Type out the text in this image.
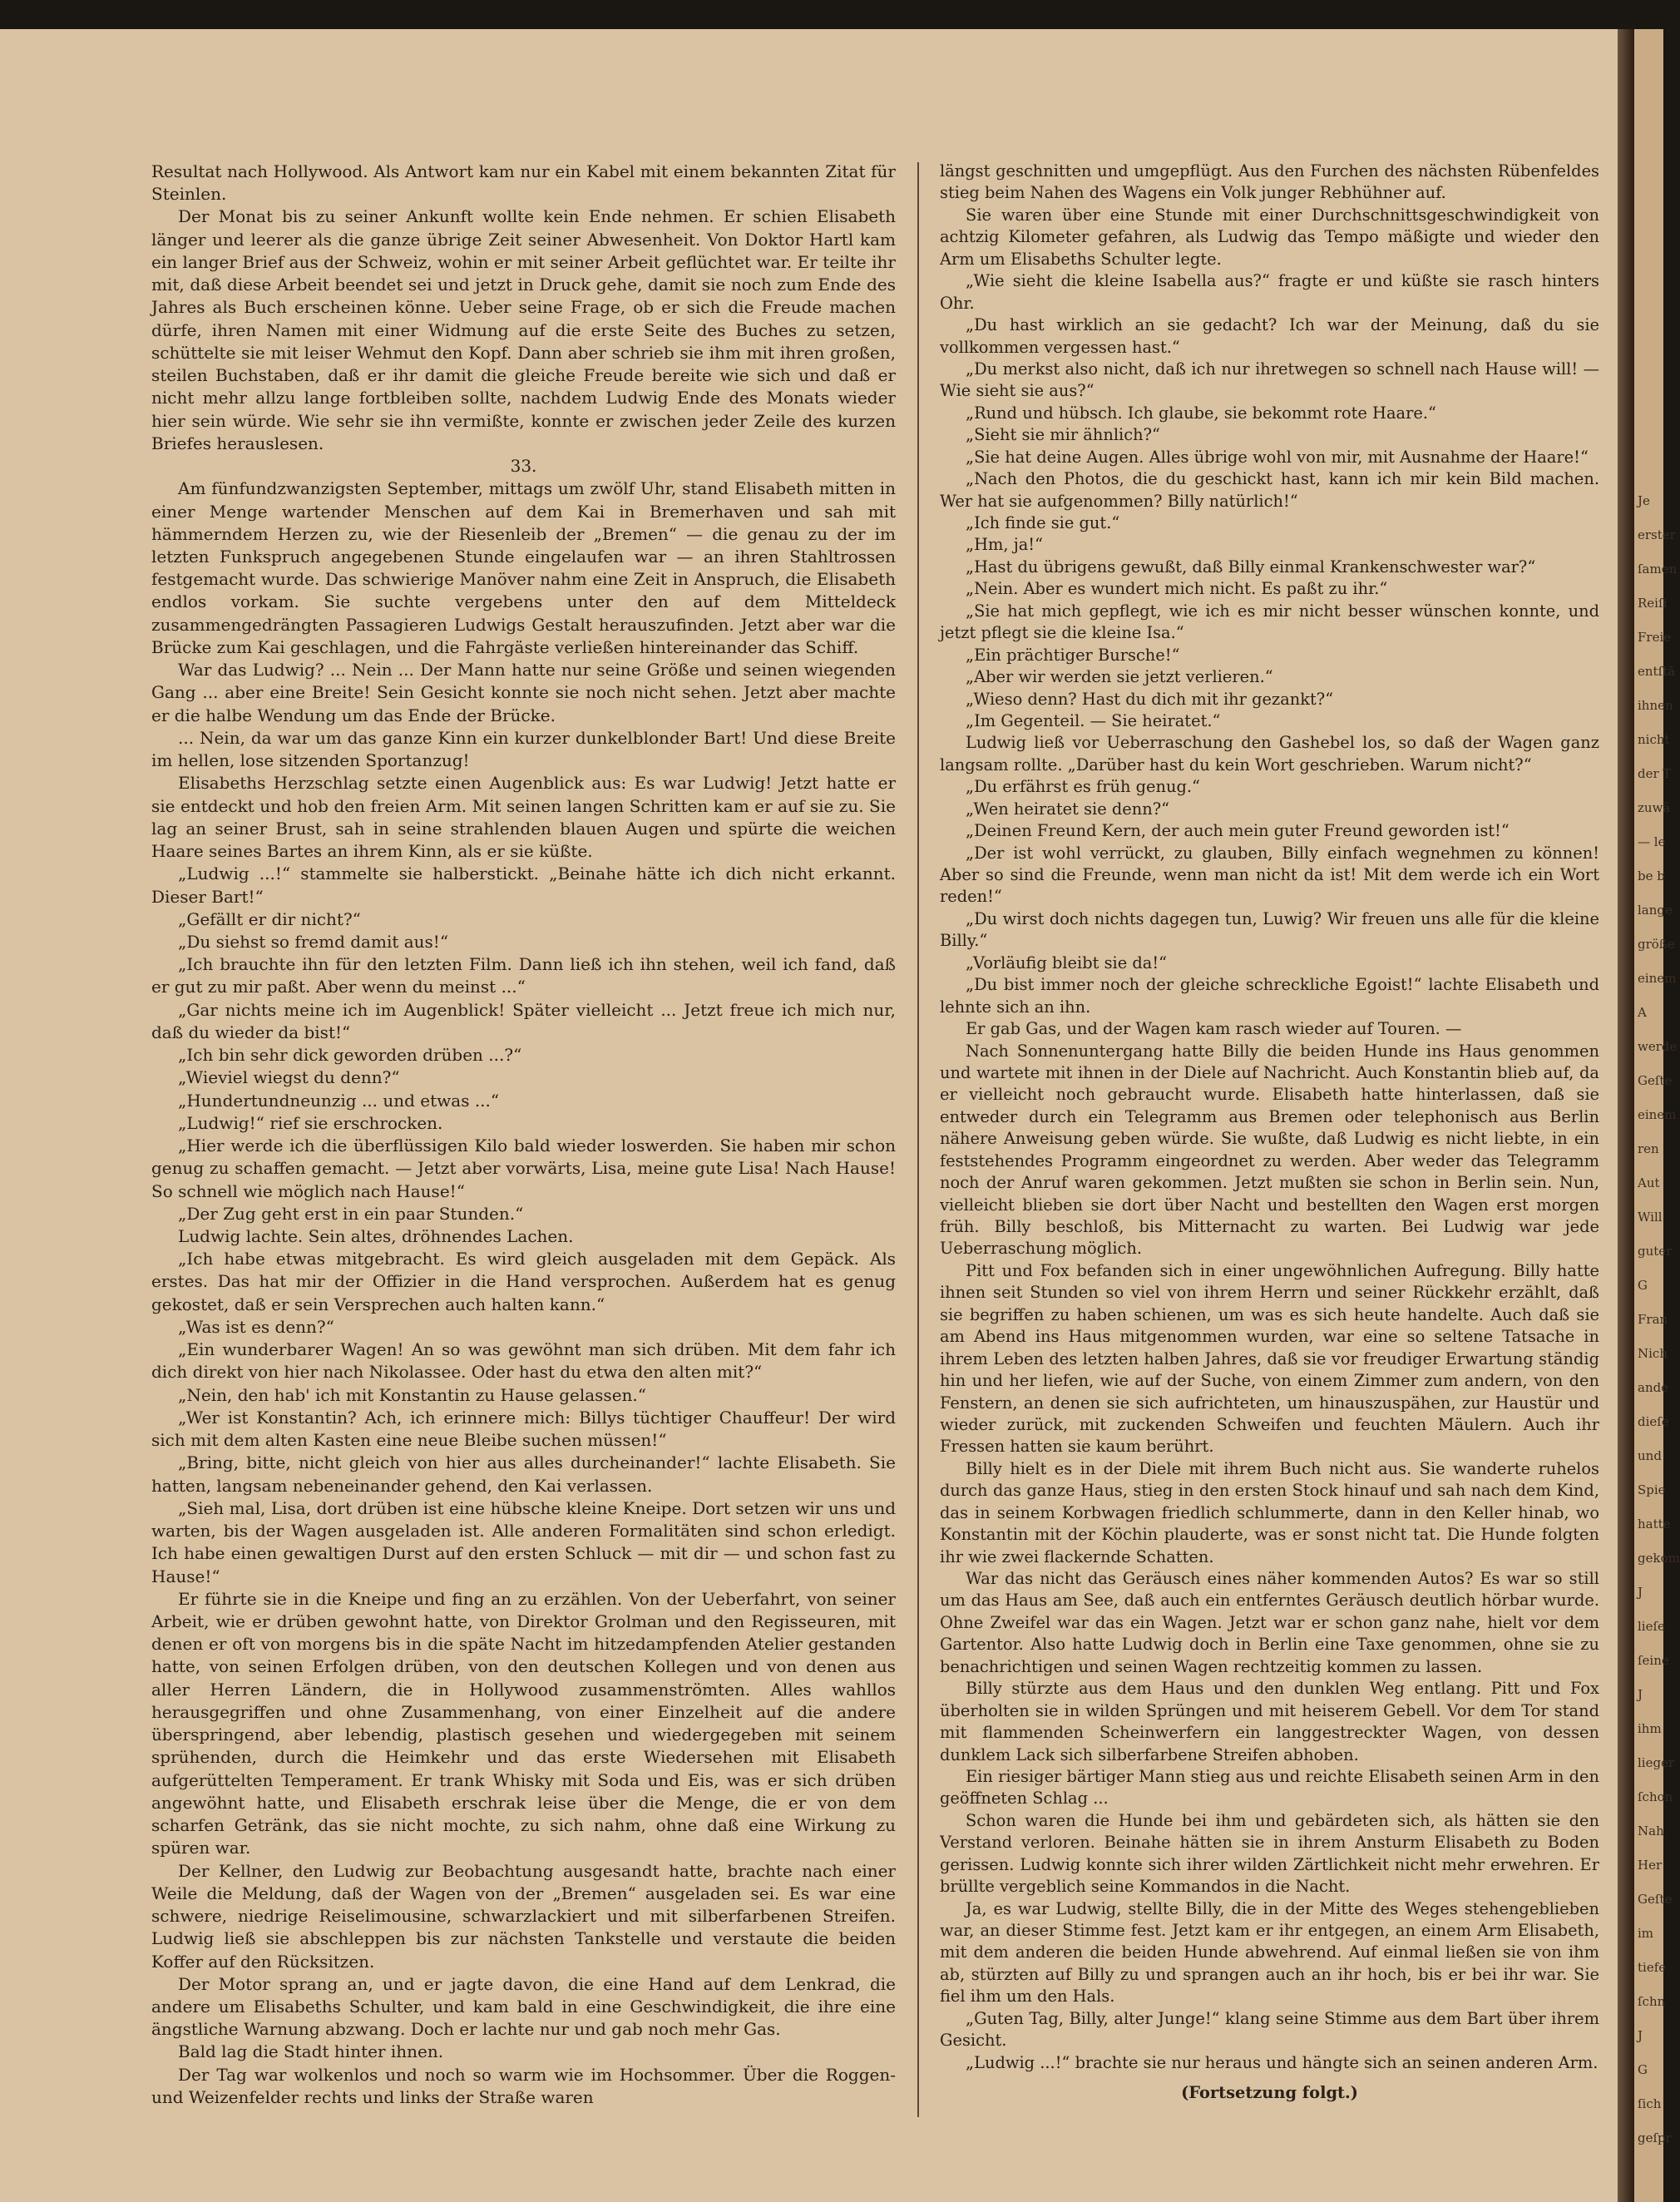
Resultat nach Hollywood. Als Antwort kam nur ein Kabel mit einem bekannten Zitat für Steinlen.

Der Monat bis zu seiner Ankunft wollte kein Ende nehmen. Er schien Elisabeth länger und leerer als die ganze übrige Zeit seiner Abwesenheit. Von Doktor Hartl kam ein langer Brief aus der Schweiz, wohin er mit seiner Arbeit geflüchtet war. Er teilte ihr mit, daß diese Arbeit beendet sei und jetzt in Druck gehe, damit sie noch zum Ende des Jahres als Buch erscheinen könne. Ueber seine Frage, ob er sich die Freude machen dürfe, ihren Namen mit einer Widmung auf die erste Seite des Buches zu setzen, schüttelte sie mit leiser Wehmut den Kopf. Dann aber schrieb sie ihm mit ihren großen, steilen Buchstaben, daß er ihr damit die gleiche Freude bereite wie sich und daß er nicht mehr allzu lange fortbleiben sollte, nachdem Ludwig Ende des Monats wieder hier sein würde. Wie sehr sie ihn vermißte, konnte er zwischen jeder Zeile des kurzen Briefes herauslesen.

33.

Am fünfundzwanzigsten September, mittags um zwölf Uhr, stand Elisabeth mitten in einer Menge wartender Menschen auf dem Kai in Bremerhaven und sah mit hämmerndem Herzen zu, wie der Riesenleib der „Bremen“ — die genau zu der im letzten Funkspruch angegebenen Stunde eingelaufen war — an ihren Stahltrossen festgemacht wurde. Das schwierige Manöver nahm eine Zeit in Anspruch, die Elisabeth endlos vorkam. Sie suchte vergebens unter den auf dem Mitteldeck zusammengedrängten Passagieren Ludwigs Gestalt herauszufinden. Jetzt aber war die Brücke zum Kai geschlagen, und die Fahrgäste verließen hintereinander das Schiff.

War das Ludwig? ... Nein ... Der Mann hatte nur seine Größe und seinen wiegenden Gang ... aber eine Breite! Sein Gesicht konnte sie noch nicht sehen. Jetzt aber machte er die halbe Wendung um das Ende der Brücke.

... Nein, da war um das ganze Kinn ein kurzer dunkelblonder Bart! Und diese Breite im hellen, lose sitzenden Sportanzug!

Elisabeths Herzschlag setzte einen Augenblick aus: Es war Ludwig! Jetzt hatte er sie entdeckt und hob den freien Arm. Mit seinen langen Schritten kam er auf sie zu. Sie lag an seiner Brust, sah in seine strahlenden blauen Augen und spürte die weichen Haare seines Bartes an ihrem Kinn, als er sie küßte.

„Ludwig ...!“ stammelte sie halberstickt. „Beinahe hätte ich dich nicht erkannt. Dieser Bart!“

„Gefällt er dir nicht?“

„Du siehst so fremd damit aus!“

„Ich brauchte ihn für den letzten Film. Dann ließ ich ihn stehen, weil ich fand, daß er gut zu mir paßt. Aber wenn du meinst ...“

„Gar nichts meine ich im Augenblick! Später vielleicht ... Jetzt freue ich mich nur, daß du wieder da bist!“

„Ich bin sehr dick geworden drüben ...?“

„Wieviel wiegst du denn?“

„Hundertundneunzig ... und etwas ...“

„Ludwig!“ rief sie erschrocken.

„Hier werde ich die überflüssigen Kilo bald wieder loswerden. Sie haben mir schon genug zu schaffen gemacht. — Jetzt aber vorwärts, Lisa, meine gute Lisa! Nach Hause! So schnell wie möglich nach Hause!“

„Der Zug geht erst in ein paar Stunden.“

Ludwig lachte. Sein altes, dröhnendes Lachen.

„Ich habe etwas mitgebracht. Es wird gleich ausgeladen mit dem Gepäck. Als erstes. Das hat mir der Offizier in die Hand versprochen. Außerdem hat es genug gekostet, daß er sein Versprechen auch halten kann.“

„Was ist es denn?“

„Ein wunderbarer Wagen! An so was gewöhnt man sich drüben. Mit dem fahr ich dich direkt von hier nach Nikolassee. Oder hast du etwa den alten mit?“

„Nein, den hab' ich mit Konstantin zu Hause gelassen.“

„Wer ist Konstantin? Ach, ich erinnere mich: Billys tüchtiger Chauffeur! Der wird sich mit dem alten Kasten eine neue Bleibe suchen müssen!“

„Bring, bitte, nicht gleich von hier aus alles durcheinander!“ lachte Elisabeth. Sie hatten, langsam nebeneinander gehend, den Kai verlassen.

„Sieh mal, Lisa, dort drüben ist eine hübsche kleine Kneipe. Dort setzen wir uns und warten, bis der Wagen ausgeladen ist. Alle anderen Formalitäten sind schon erledigt. Ich habe einen gewaltigen Durst auf den ersten Schluck — mit dir — und schon fast zu Hause!“

Er führte sie in die Kneipe und fing an zu erzählen. Von der Ueberfahrt, von seiner Arbeit, wie er drüben gewohnt hatte, von Direktor Grolman und den Regisseuren, mit denen er oft von morgens bis in die späte Nacht im hitzedampfenden Atelier gestanden hatte, von seinen Erfolgen drüben, von den deutschen Kollegen und von denen aus aller Herren Ländern, die in Hollywood zusammenströmten. Alles wahllos herausgegriffen und ohne Zusammenhang, von einer Einzelheit auf die andere überspringend, aber lebendig, plastisch gesehen und wiedergegeben mit seinem sprühenden, durch die Heimkehr und das erste Wiedersehen mit Elisabeth aufgerüttelten Temperament. Er trank Whisky mit Soda und Eis, was er sich drüben angewöhnt hatte, und Elisabeth erschrak leise über die Menge, die er von dem scharfen Getränk, das sie nicht mochte, zu sich nahm, ohne daß eine Wirkung zu spüren war.

Der Kellner, den Ludwig zur Beobachtung ausgesandt hatte, brachte nach einer Weile die Meldung, daß der Wagen von der „Bremen“ ausgeladen sei. Es war eine schwere, niedrige Reiselimousine, schwarzlackiert und mit silberfarbenen Streifen. Ludwig ließ sie abschleppen bis zur nächsten Tankstelle und verstaute die beiden Koffer auf den Rücksitzen.

Der Motor sprang an, und er jagte davon, die eine Hand auf dem Lenkrad, die andere um Elisabeths Schulter, und kam bald in eine Geschwindigkeit, die ihre eine ängstliche Warnung abzwang. Doch er lachte nur und gab noch mehr Gas.

Bald lag die Stadt hinter ihnen.

Der Tag war wolkenlos und noch so warm wie im Hochsommer. Über die Roggen- und Weizenfelder rechts und links der Straße waren

längst geschnitten und umgepflügt. Aus den Furchen des nächsten Rübenfeldes stieg beim Nahen des Wagens ein Volk junger Rebhühner auf.

Sie waren über eine Stunde mit einer Durchschnittsgeschwindigkeit von achtzig Kilometer gefahren, als Ludwig das Tempo mäßigte und wieder den Arm um Elisabeths Schulter legte.

„Wie sieht die kleine Isabella aus?“ fragte er und küßte sie rasch hinters Ohr.

„Du hast wirklich an sie gedacht? Ich war der Meinung, daß du sie vollkommen vergessen hast.“

„Du merkst also nicht, daß ich nur ihretwegen so schnell nach Hause will! — Wie sieht sie aus?“

„Rund und hübsch. Ich glaube, sie bekommt rote Haare.“

„Sieht sie mir ähnlich?“

„Sie hat deine Augen. Alles übrige wohl von mir, mit Ausnahme der Haare!“

„Nach den Photos, die du geschickt hast, kann ich mir kein Bild machen. Wer hat sie aufgenommen? Billy natürlich!“

„Ich finde sie gut.“

„Hm, ja!“

„Hast du übrigens gewußt, daß Billy einmal Krankenschwester war?“

„Nein. Aber es wundert mich nicht. Es paßt zu ihr.“

„Sie hat mich gepflegt, wie ich es mir nicht besser wünschen konnte, und jetzt pflegt sie die kleine Isa.“

„Ein prächtiger Bursche!“

„Aber wir werden sie jetzt verlieren.“

„Wieso denn? Hast du dich mit ihr gezankt?“

„Im Gegenteil. — Sie heiratet.“

Ludwig ließ vor Ueberraschung den Gashebel los, so daß der Wagen ganz langsam rollte. „Darüber hast du kein Wort geschrieben. Warum nicht?“

„Du erfährst es früh genug.“

„Wen heiratet sie denn?“

„Deinen Freund Kern, der auch mein guter Freund geworden ist!“

„Der ist wohl verrückt, zu glauben, Billy einfach wegnehmen zu können! Aber so sind die Freunde, wenn man nicht da ist! Mit dem werde ich ein Wort reden!“

„Du wirst doch nichts dagegen tun, Luwig? Wir freuen uns alle für die kleine Billy.“

„Vorläufig bleibt sie da!“

„Du bist immer noch der gleiche schreckliche Egoist!“ lachte Elisabeth und lehnte sich an ihn.

Er gab Gas, und der Wagen kam rasch wieder auf Touren. —

Nach Sonnenuntergang hatte Billy die beiden Hunde ins Haus genommen und wartete mit ihnen in der Diele auf Nachricht. Auch Konstantin blieb auf, da er vielleicht noch gebraucht wurde. Elisabeth hatte hinterlassen, daß sie entweder durch ein Telegramm aus Bremen oder telephonisch aus Berlin nähere Anweisung geben würde. Sie wußte, daß Ludwig es nicht liebte, in ein feststehendes Programm eingeordnet zu werden. Aber weder das Telegramm noch der Anruf waren gekommen. Jetzt mußten sie schon in Berlin sein. Nun, vielleicht blieben sie dort über Nacht und bestellten den Wagen erst morgen früh. Billy beschloß, bis Mitternacht zu warten. Bei Ludwig war jede Ueberraschung möglich.

Pitt und Fox befanden sich in einer ungewöhnlichen Aufregung. Billy hatte ihnen seit Stunden so viel von ihrem Herrn und seiner Rückkehr erzählt, daß sie begriffen zu haben schienen, um was es sich heute handelte. Auch daß sie am Abend ins Haus mitgenommen wurden, war eine so seltene Tatsache in ihrem Leben des letzten halben Jahres, daß sie vor freudiger Erwartung ständig hin und her liefen, wie auf der Suche, von einem Zimmer zum andern, von den Fenstern, an denen sie sich aufrichteten, um hinauszuspähen, zur Haustür und wieder zurück, mit zuckenden Schweifen und feuchten Mäulern. Auch ihr Fressen hatten sie kaum berührt.

Billy hielt es in der Diele mit ihrem Buch nicht aus. Sie wanderte ruhelos durch das ganze Haus, stieg in den ersten Stock hinauf und sah nach dem Kind, das in seinem Korbwagen friedlich schlummerte, dann in den Keller hinab, wo Konstantin mit der Köchin plauderte, was er sonst nicht tat. Die Hunde folgten ihr wie zwei flackernde Schatten.

War das nicht das Geräusch eines näher kommenden Autos? Es war so still um das Haus am See, daß auch ein entferntes Geräusch deutlich hörbar wurde. Ohne Zweifel war das ein Wagen. Jetzt war er schon ganz nahe, hielt vor dem Gartentor. Also hatte Ludwig doch in Berlin eine Taxe genommen, ohne sie zu benachrichtigen und seinen Wagen rechtzeitig kommen zu lassen.

Billy stürzte aus dem Haus und den dunklen Weg entlang. Pitt und Fox überholten sie in wilden Sprüngen und mit heiserem Gebell. Vor dem Tor stand mit flammenden Scheinwerfern ein langgestreckter Wagen, von dessen dunklem Lack sich silberfarbene Streifen abhoben.

Ein riesiger bärtiger Mann stieg aus und reichte Elisabeth seinen Arm in den geöffneten Schlag ...

Schon waren die Hunde bei ihm und gebärdeten sich, als hätten sie den Verstand verloren. Beinahe hätten sie in ihrem Ansturm Elisabeth zu Boden gerissen. Ludwig konnte sich ihrer wilden Zärtlichkeit nicht mehr erwehren. Er brüllte vergeblich seine Kommandos in die Nacht.

Ja, es war Ludwig, stellte Billy, die in der Mitte des Weges stehengeblieben war, an dieser Stimme fest. Jetzt kam er ihr entgegen, an einem Arm Elisabeth, mit dem anderen die beiden Hunde abwehrend. Auf einmal ließen sie von ihm ab, stürzten auf Billy zu und sprangen auch an ihr hoch, bis er bei ihr war. Sie fiel ihm um den Hals.

„Guten Tag, Billy, alter Junge!“ klang seine Stimme aus dem Bart über ihrem Gesicht.

„Ludwig ...!“ brachte sie nur heraus und hängte sich an seinen anderen Arm.

(Fortsetzung folgt.)

Je
erster
ſamen
Reiſi
Freie
entſtā
ihnen
nicht
der T
zuwä
— le
be b
lange
größe
einem
A
werde
Geſte
einem
ren
Aut
Will
guter
G
Fran
Nich
ande
dieſe
und
Spie
hatte
gekom
J
lieſe
ſeine
J
ihm
lieger
ſchon
Nah
Her
Geſte
im
tiefe
ſchn
J
G
ſich
geſpr
